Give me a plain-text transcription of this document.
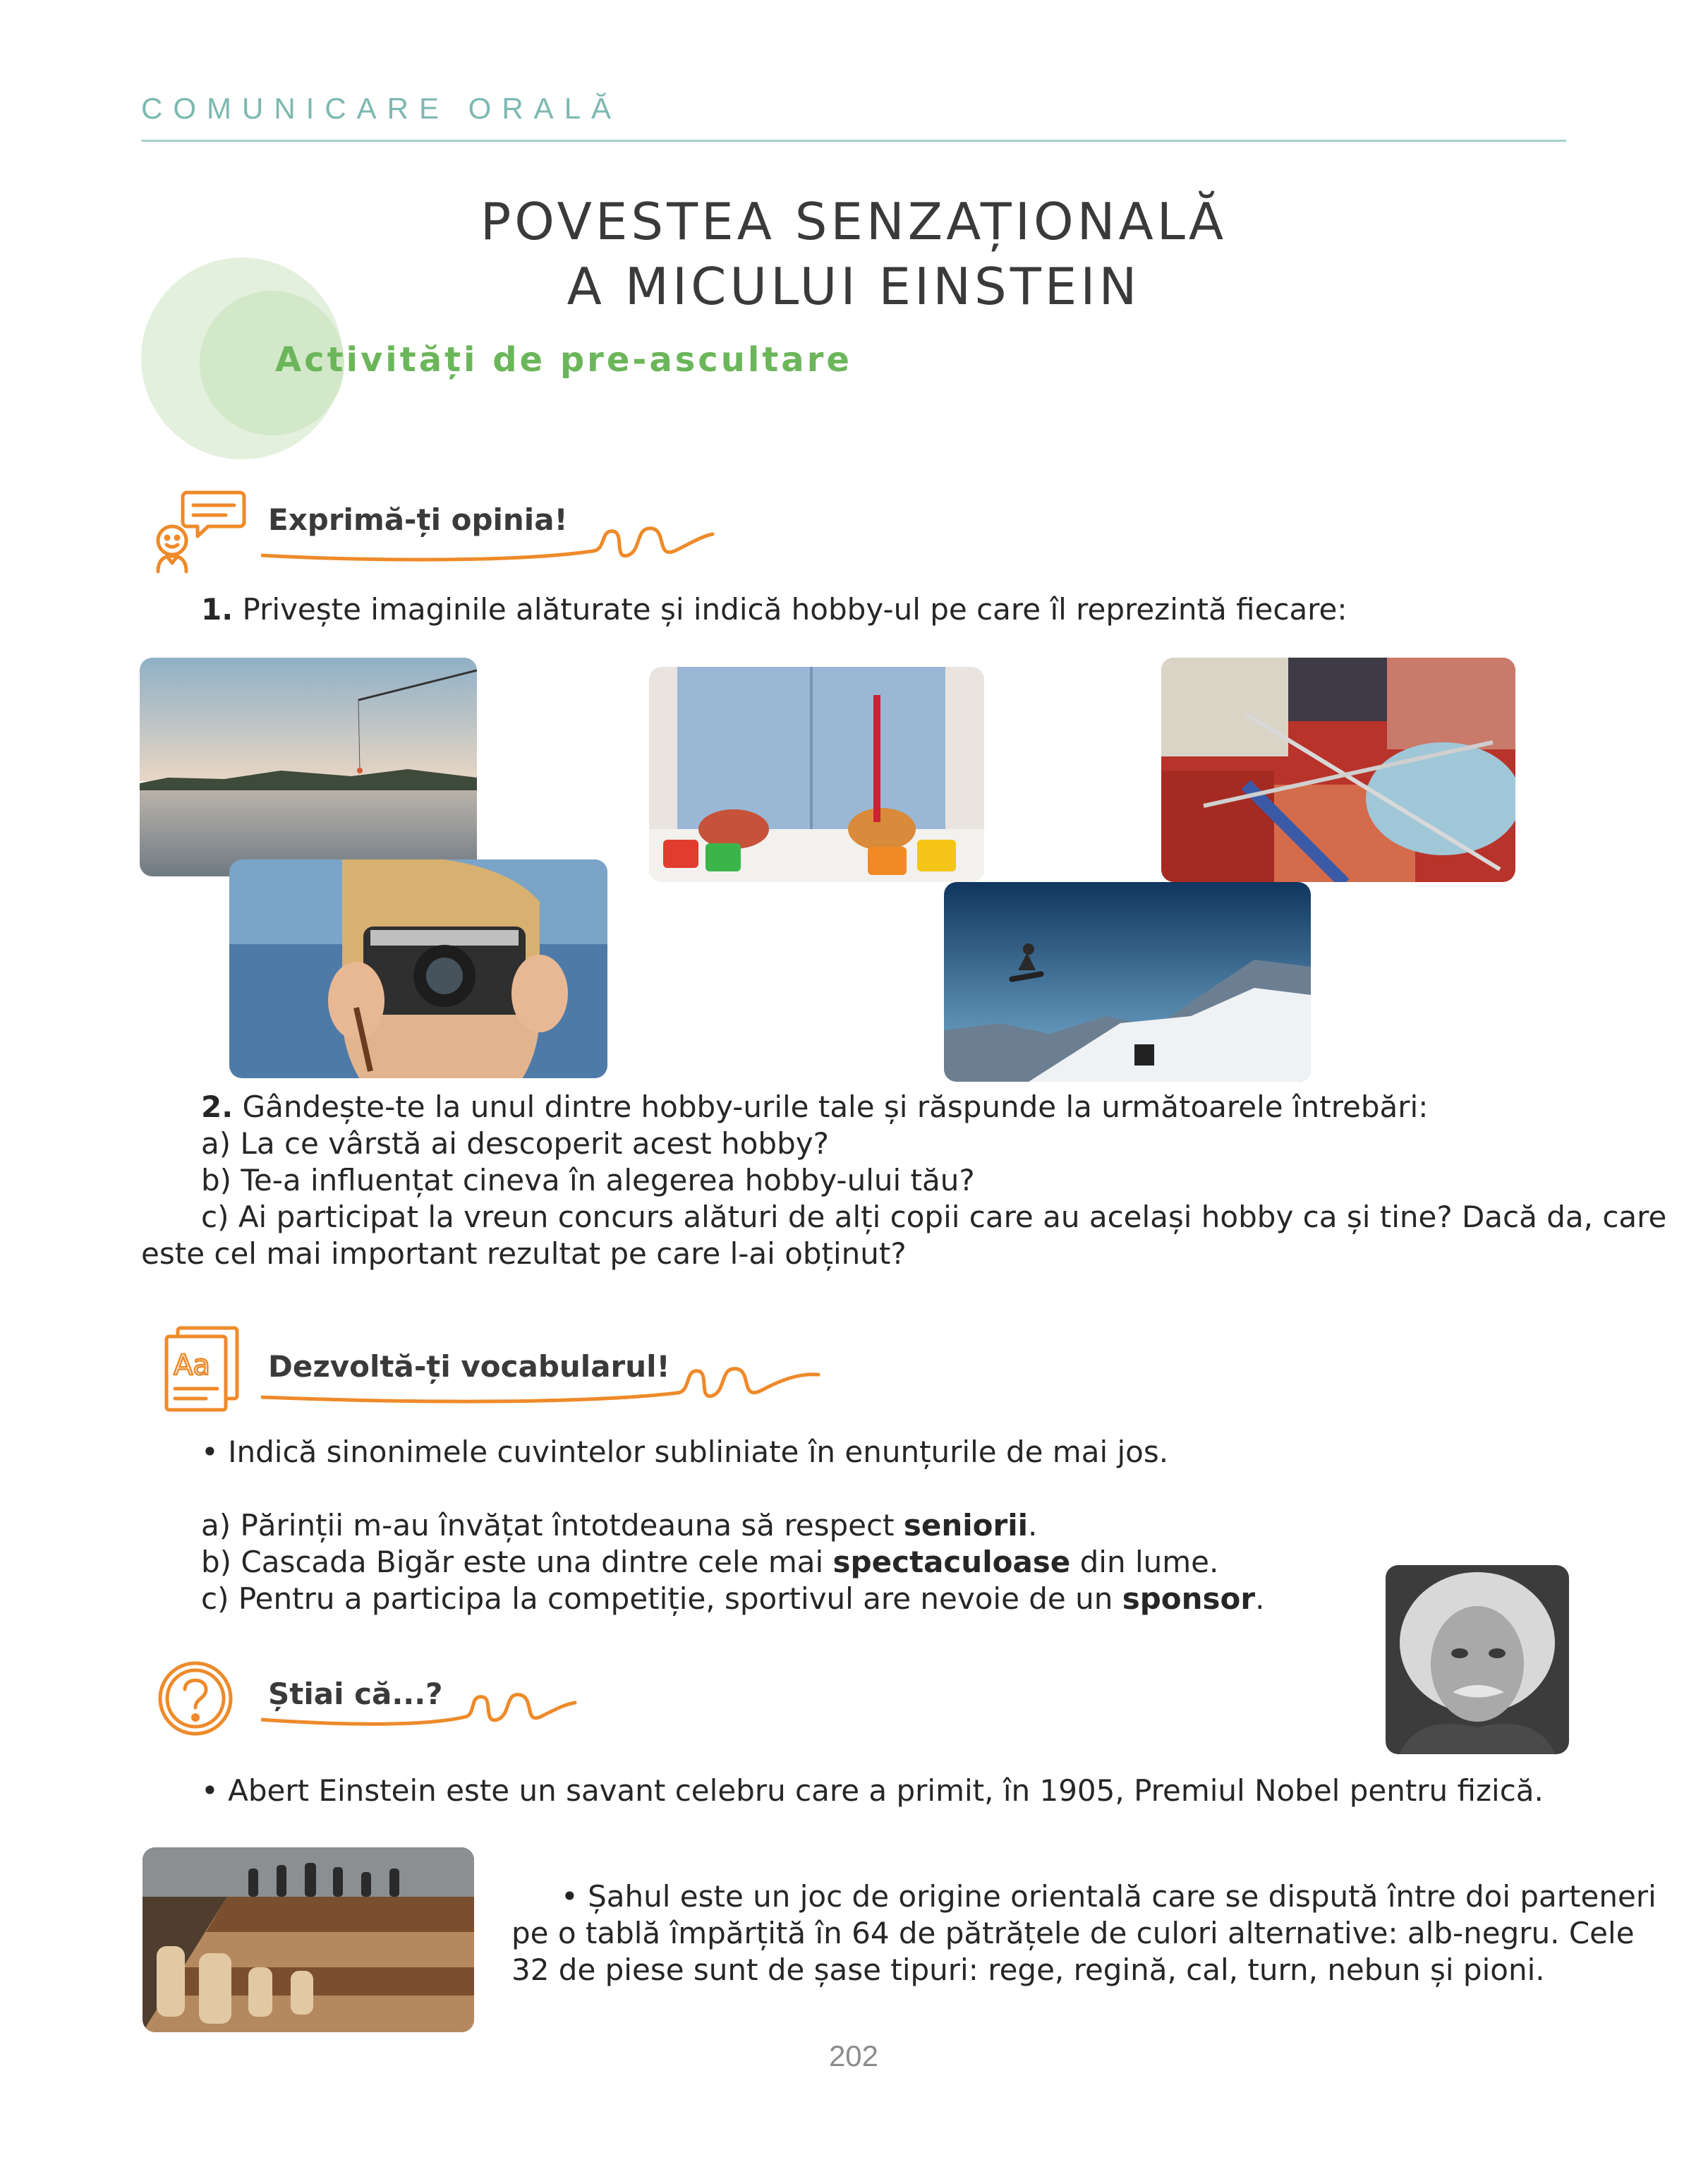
COMUNICARE ORALĂ
POVESTEA SENZAȚIONALĂ
A MICULUI EINSTEIN
Activități de pre-ascultare
Exprimă-ți opinia!
1. Privește imaginile alăturate și indică hobby-ul pe care îl reprezintă fiecare:
2. Gândește-te la unul dintre hobby-urile tale și răspunde la următoarele întrebări:
a) La ce vârstă ai descoperit acest hobby?
b) Te-a influențat cineva în alegerea hobby-ului tău?
c) Ai participat la vreun concurs alături de alți copii care au același hobby ca și tine? Dacă da, care
este cel mai important rezultat pe care l-ai obținut?
Aa Dezvoltă-ți vocabularul!
• Indică sinonimele cuvintelor subliniate în enunțurile de mai jos.
a) Părinții m-au învățat întotdeauna să respect seniorii.
b) Cascada Bigăr este una dintre cele mai spectaculoase din lume.
c) Pentru a participa la competiție, sportivul are nevoie de un sponsor.
Știai că...?
• Abert Einstein este un savant celebru care a primit, în 1905, Premiul Nobel pentru fizică.
• Șahul este un joc de origine orientală care se dispută între doi parteneri
pe o tablă împărțită în 64 de pătrățele de culori alternative: alb-negru. Cele
32 de piese sunt de șase tipuri: rege, regină, cal, turn, nebun și pioni.
202
